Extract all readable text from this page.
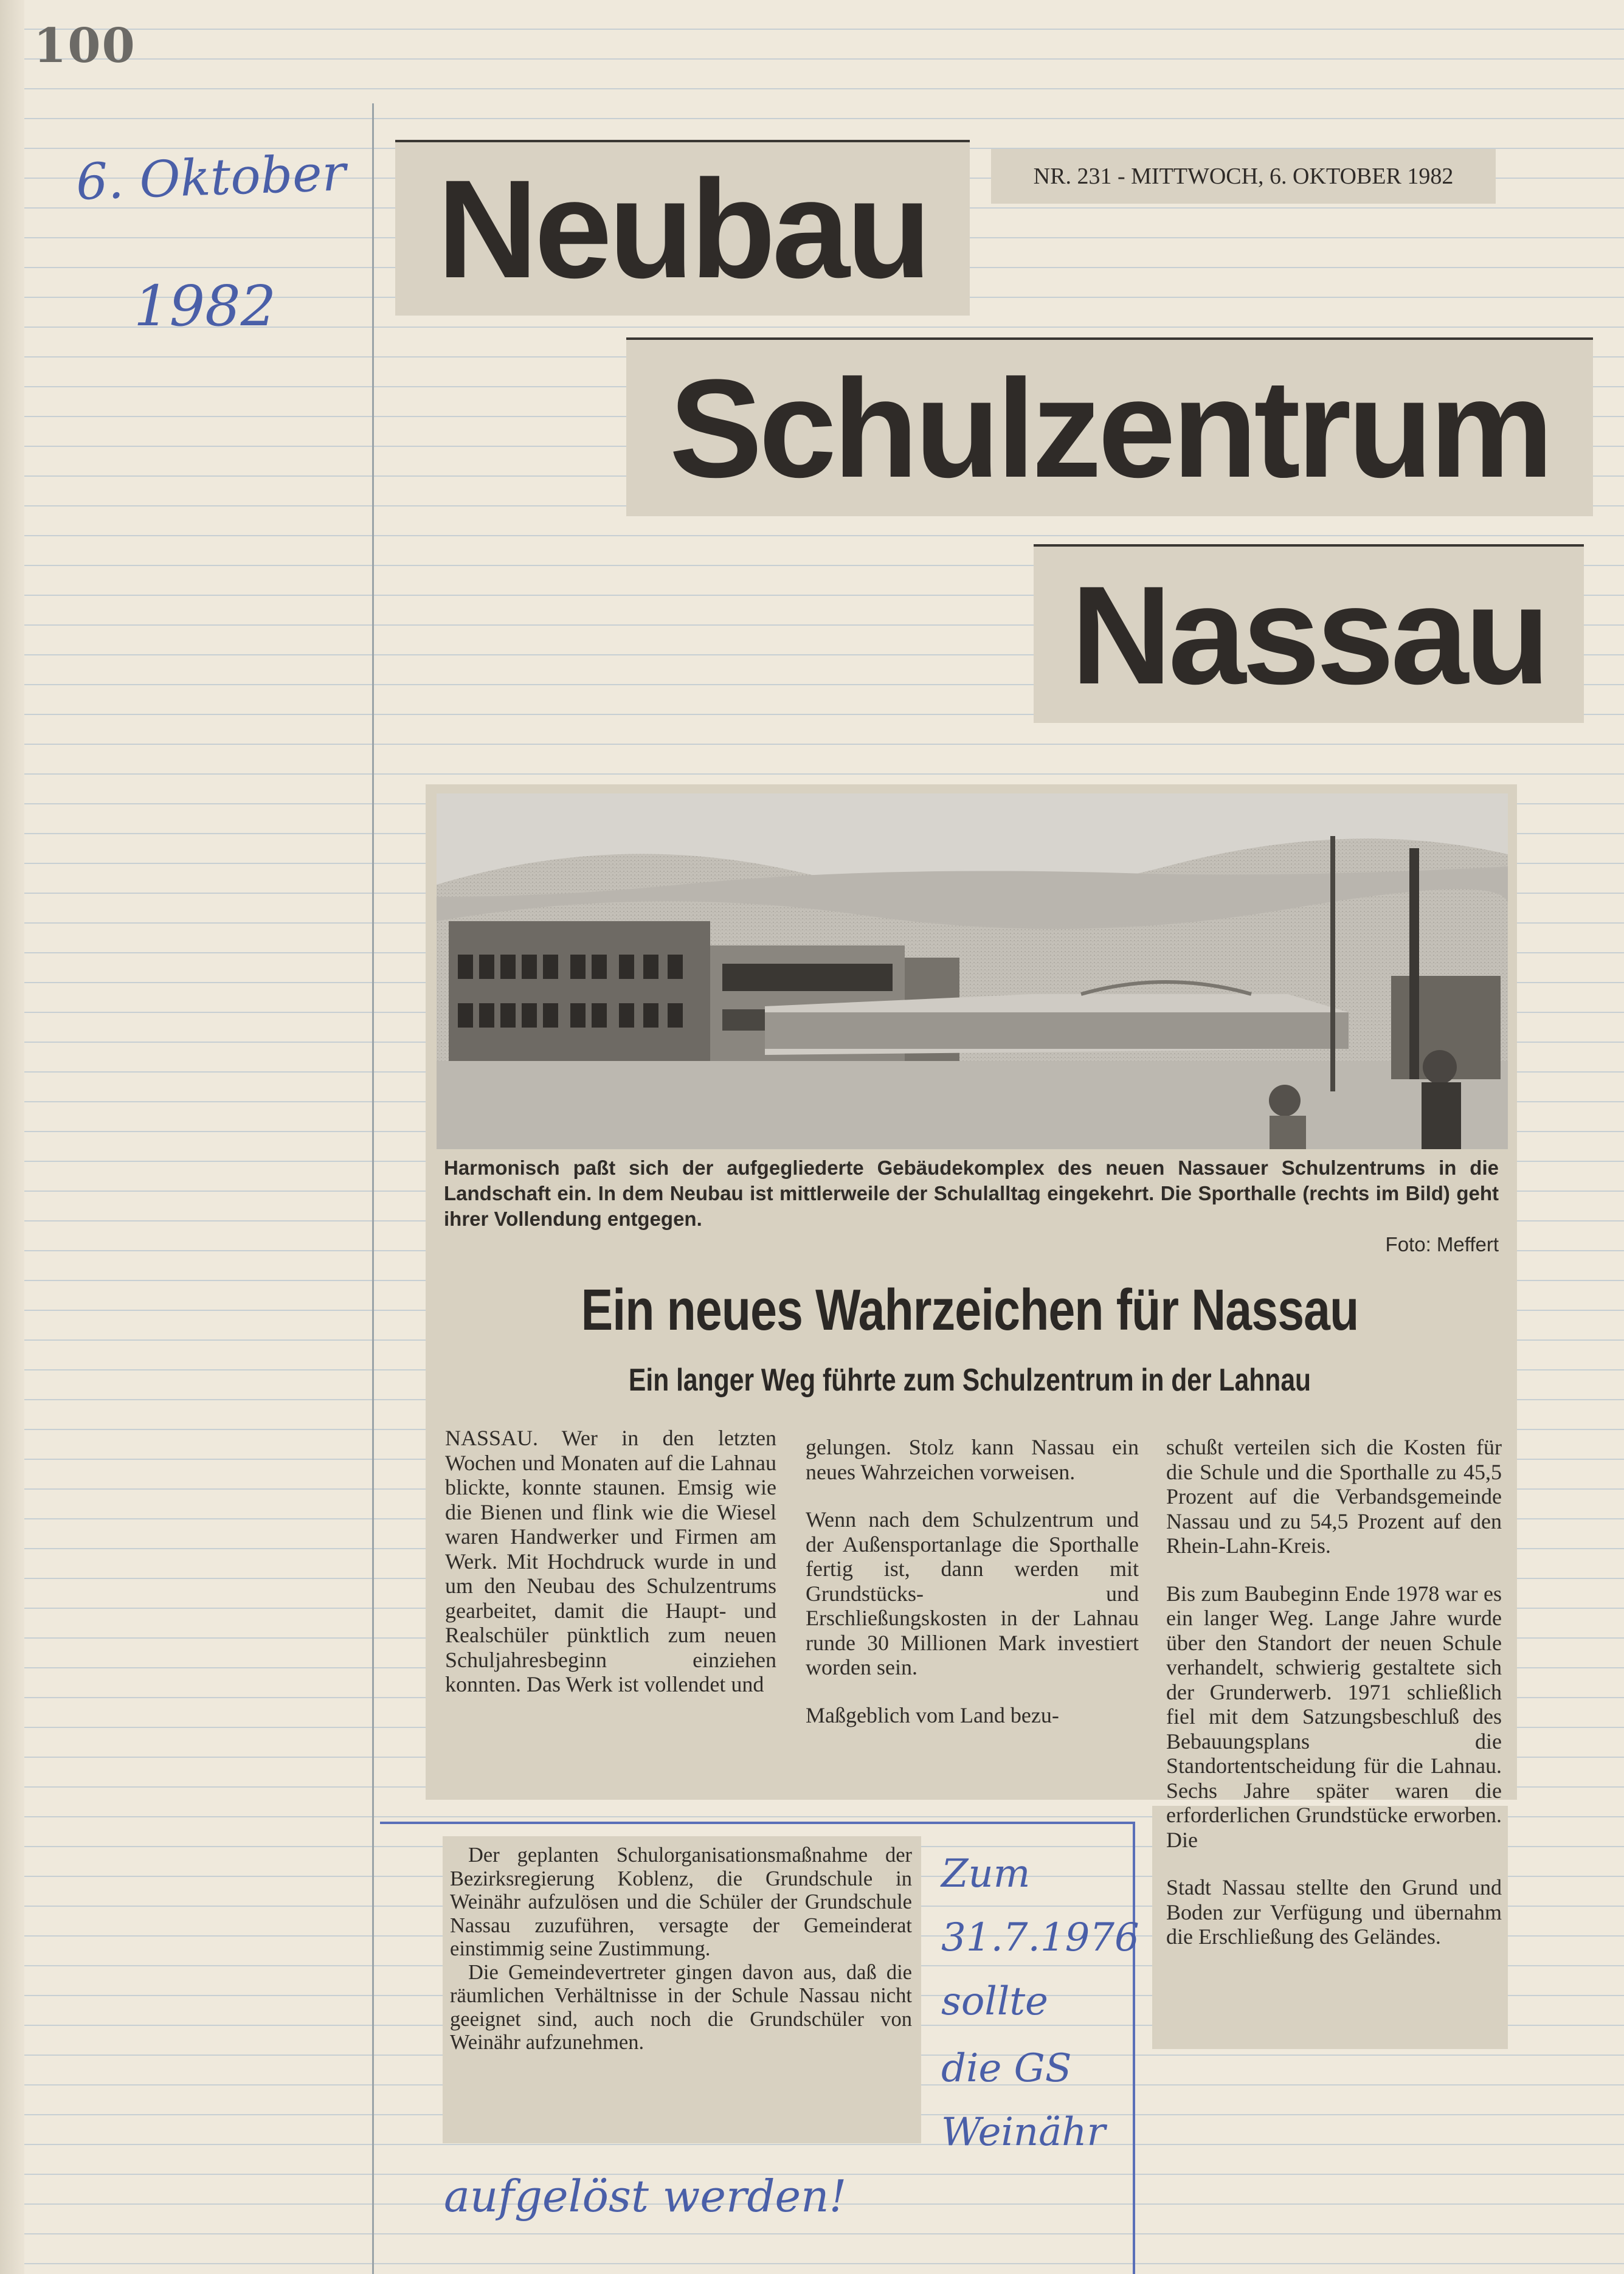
100
6. Oktober
1982 Neubau	NR. 231 - MITTWOCH, 6. OKTOBER 1982
Schulzentrum
Nassau
Harmonisch paßt sich der aufgegliederte Gebäudekomplex des neuen Nassauer Schulzentrums in die Landschaft ein. In dem Neubau ist mittlerweile der Schulalltag eingekehrt. Die Sporthalle (rechts im Bild) geht ihrer Vollendung entgegen.
Foto: Meffert
Ein neues Wahrzeichen für Nassau
Ein langer Weg führte zum Schulzentrum in der Lahnau

NASSAU. Wer in den letzten Wochen und Monaten auf die Lahnau blickte, konnte staunen. Emsig wie die Bienen und flink wie die Wiesel waren Handwerker und Firmen am Werk. Mit Hochdruck wurde in und um den Neubau des Schulzentrums gearbeitet, damit die Haupt- und Realschüler pünktlich zum neuen Schuljahresbeginn einziehen konnten. Das Werk ist vollendet und

gelungen. Stolz kann Nassau ein neues Wahrzeichen vorweisen.

Wenn nach dem Schulzentrum und der Außensportanlage die Sporthalle fertig ist, dann werden mit Grundstücks- und Erschließungskosten in der Lahnau runde 30 Millionen Mark investiert worden sein.

Maßgeblich vom Land bezu-

schußt verteilen sich die Kosten für die Schule und die Sporthalle zu 45,5 Prozent auf die Verbandsgemeinde Nassau und zu 54,5 Prozent auf den Rhein-Lahn-Kreis.

Bis zum Baubeginn Ende 1978 war es ein langer Weg. Lange Jahre wurde über den Standort der neuen Schule verhandelt, schwierig gestaltete sich der Grunderwerb. 1971 schließlich fiel mit dem Satzungsbeschluß des Bebauungsplans die Standortentscheidung für die Lahnau. Sechs Jahre später waren die erforderlichen Grundstücke erworben. Die

Stadt Nassau stellte den Grund und Boden zur Verfügung und übernahm die Erschließung des Geländes.

Der geplanten Schulorganisationsmaßnahme der Bezirksregierung Koblenz, die Grundschule in Weinähr aufzulösen und die Schüler der Grundschule Nassau zuzuführen, versagte der Gemeinderat einstimmig seine Zustimmung.

Die Gemeindevertreter gingen davon aus, daß die räumlichen Verhältnisse in der Schule Nassau nicht geeignet sind, auch noch die Grundschüler von Weinähr aufzunehmen.

Zum
31.7.1976
sollte
die GS
Weinähr
aufgelöst werden!
